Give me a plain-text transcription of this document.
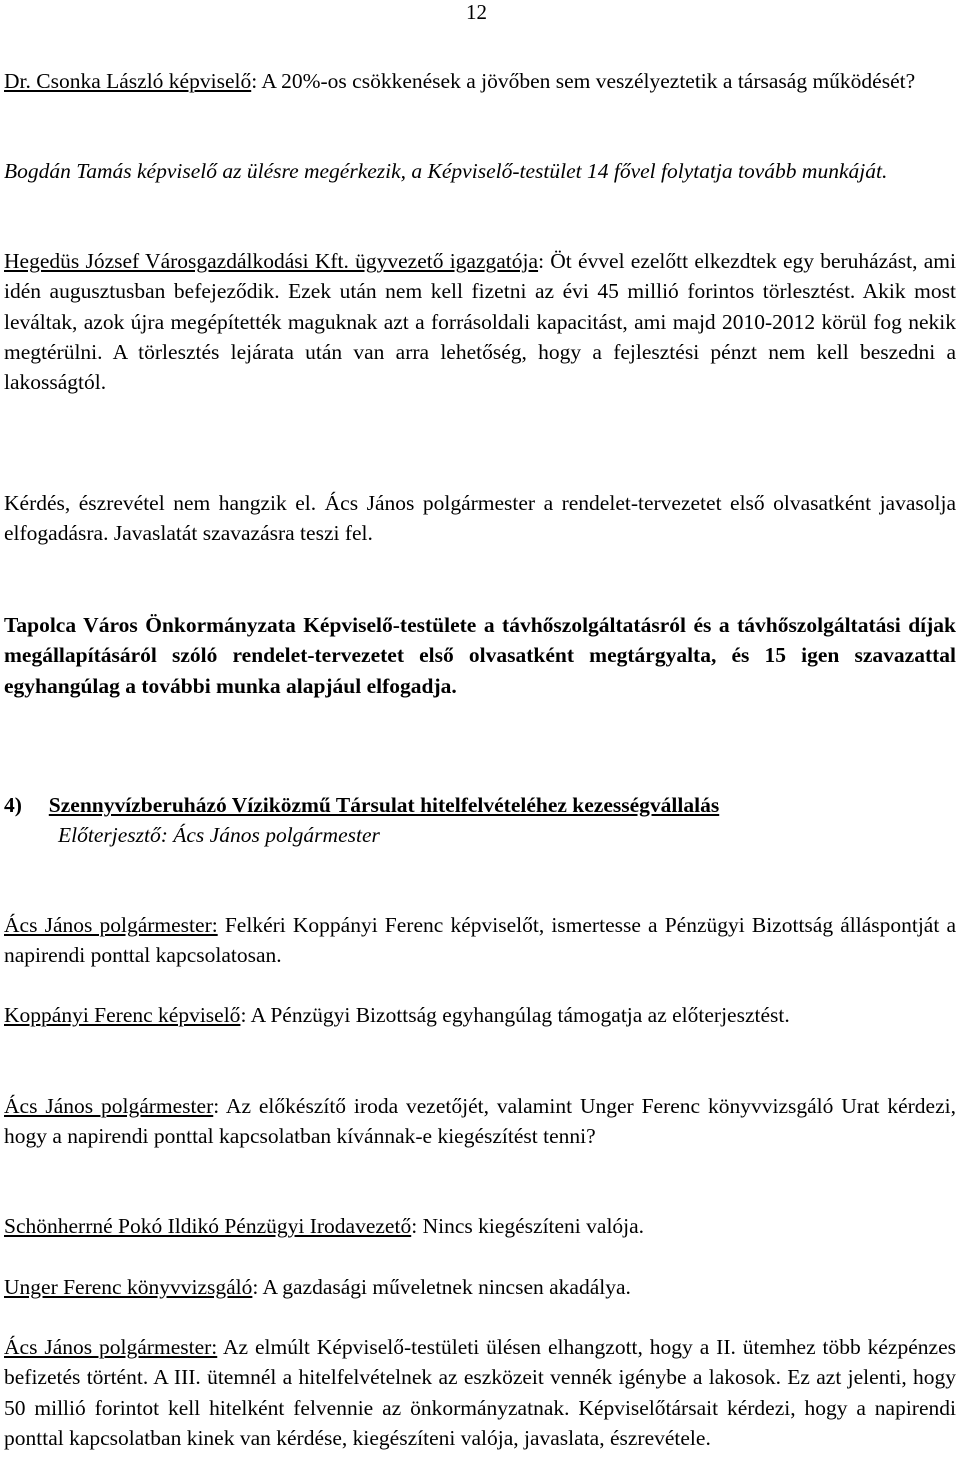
12
Dr. Csonka László képviselő: A 20%-os csökkenések a jövőben sem veszélyeztetik a társaság működését?
Bogdán Tamás képviselő az ülésre megérkezik, a Képviselő-testület 14 fővel folytatja tovább munkáját.
Hegedüs József Városgazdálkodási Kft. ügyvezető igazgatója: Öt évvel ezelőtt elkezdtek egy beruházást, ami idén augusztusban befejeződik. Ezek után nem kell fizetni az évi 45 millió forintos törlesztést. Akik most leváltak, azok újra megépítették maguknak azt a forrásoldali kapacitást, ami majd 2010-2012 körül fog nekik megtérülni. A törlesztés lejárata után van arra lehetőség, hogy a fejlesztési pénzt nem kell beszedni a lakosságtól.
Kérdés, észrevétel nem hangzik el. Ács János polgármester a rendelet-tervezetet első olvasatként javasolja elfogadásra. Javaslatát szavazásra teszi fel.
Tapolca Város Önkormányzata Képviselő-testülete a távhőszolgáltatásról és a távhőszolgáltatási díjak megállapításáról szóló rendelet-tervezetet első olvasatként megtárgyalta, és 15 igen szavazattal egyhangúlag a további munka alapjául elfogadja.
4) Szennyvízberuházó Víziközmű Társulat hitelfelvételéhez kezességvállalás
Előterjesztő: Ács János polgármester
Ács János polgármester: Felkéri Koppányi Ferenc képviselőt, ismertesse a Pénzügyi Bizottság álláspontját a napirendi ponttal kapcsolatosan.
Koppányi Ferenc képviselő: A Pénzügyi Bizottság egyhangúlag támogatja az előterjesztést.
Ács János polgármester: Az előkészítő iroda vezetőjét, valamint Unger Ferenc könyvvizsgáló Urat kérdezi, hogy a napirendi ponttal kapcsolatban kívánnak-e kiegészítést tenni?
Schönherrné Pokó Ildikó Pénzügyi Irodavezető: Nincs kiegészíteni valója.
Unger Ferenc könyvvizsgáló: A gazdasági műveletnek nincsen akadálya.
Ács János polgármester: Az elmúlt Képviselő-testületi ülésen elhangzott, hogy a II. ütemhez több kézpénzes befizetés történt. A III. ütemnél a hitelfelvételnek az eszközeit vennék igénybe a lakosok. Ez azt jelenti, hogy 50 millió forintot kell hitelként felvennie az önkormányzatnak. Képviselőtársait kérdezi, hogy a napirendi ponttal kapcsolatban kinek van kérdése, kiegészíteni valója, javaslata, észrevétele.
